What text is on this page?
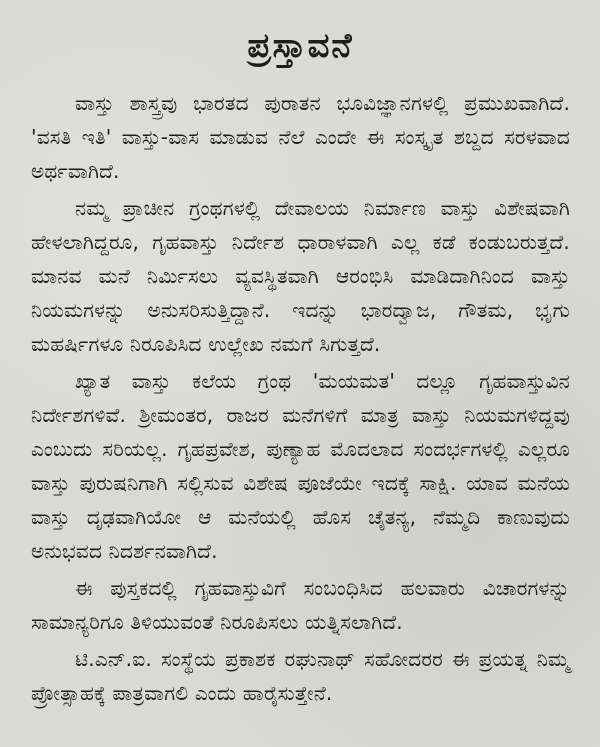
ಪ್ರಸ್ತಾವನೆ

ವಾಸ್ತು ಶಾಸ್ತ್ರವು ಭಾರತದ ಪುರಾತನ ಭೂವಿಜ್ಞಾನಗಳಲ್ಲಿ ಪ್ರಮುಖವಾಗಿದೆ. 'ವಸತಿ ಇತಿ' ವಾಸ್ತು-ವಾಸ ಮಾಡುವ ನೆಲೆ ಎಂದೇ ಈ ಸಂಸ್ಕೃತ ಶಬ್ದದ ಸರಳವಾದ ಅರ್ಥವಾಗಿದೆ.

ನಮ್ಮ ಪ್ರಾಚೀನ ಗ್ರಂಥಗಳಲ್ಲಿ ದೇವಾಲಯ ನಿರ್ಮಾಣ ವಾಸ್ತು ವಿಶೇಷವಾಗಿ ಹೇಳಲಾಗಿದ್ದರೂ, ಗೃಹವಾಸ್ತು ನಿರ್ದೇಶ ಧಾರಾಳವಾಗಿ ಎಲ್ಲ ಕಡೆ ಕಂಡುಬರುತ್ತದೆ. ಮಾನವ ಮನೆ ನಿರ್ಮಿಸಲು ವ್ಯವಸ್ಥಿತವಾಗಿ ಆರಂಭಿಸಿ ಮಾಡಿದಾಗಿನಿಂದ ವಾಸ್ತು ನಿಯಮಗಳನ್ನು ಅನುಸರಿಸುತ್ತಿದ್ದಾನೆ. ಇದನ್ನು ಭಾರದ್ವಾಜ, ಗೌತಮ, ಭೃಗು ಮಹರ್ಷಿಗಳೂ ನಿರೂಪಿಸಿದ ಉಲ್ಲೇಖ ನಮಗೆ ಸಿಗುತ್ತದೆ.

ಖ್ಯಾತ ವಾಸ್ತು ಕಲೆಯ ಗ್ರಂಥ 'ಮಯಮತ' ದಲ್ಲೂ ಗೃಹವಾಸ್ತುವಿನ ನಿರ್ದೇಶಗಳಿವೆ. ಶ್ರೀಮಂತರ, ರಾಜರ ಮನೆಗಳಿಗೆ ಮಾತ್ರ ವಾಸ್ತು ನಿಯಮಗಳಿದ್ದವು ಎಂಬುದು ಸರಿಯಲ್ಲ. ಗೃಹಪ್ರವೇಶ, ಪುಣ್ಯಾಹ ಮೊದಲಾದ ಸಂದರ್ಭಗಳಲ್ಲಿ ಎಲ್ಲರೂ ವಾಸ್ತು ಪುರುಷನಿಗಾಗಿ ಸಲ್ಲಿಸುವ ವಿಶೇಷ ಪೂಜೆಯೇ ಇದಕ್ಕೆ ಸಾಕ್ಷಿ. ಯಾವ ಮನೆಯ ವಾಸ್ತು ದೃಢವಾಗಿಯೋ ಆ ಮನೆಯಲ್ಲಿ ಹೊಸ ಚೈತನ್ಯ, ನೆಮ್ಮದಿ ಕಾಣುವುದು ಅನುಭವದ ನಿದರ್ಶನವಾಗಿದೆ.

ಈ ಪುಸ್ತಕದಲ್ಲಿ ಗೃಹವಾಸ್ತುವಿಗೆ ಸಂಬಂಧಿಸಿದ ಹಲವಾರು ವಿಚಾರಗಳನ್ನು ಸಾಮಾನ್ಯರಿಗೂ ತಿಳಿಯುವಂತೆ ನಿರೂಪಿಸಲು ಯತ್ನಿಸಲಾಗಿದೆ.

ಟಿ.ಎನ್.ಐ. ಸಂಸ್ಥೆಯ ಪ್ರಕಾಶಕ ರಘುನಾಥ್ ಸಹೋದರರ ಈ ಪ್ರಯತ್ನ ನಿಮ್ಮ ಪ್ರೋತ್ಸಾಹಕ್ಕೆ ಪಾತ್ರವಾಗಲಿ ಎಂದು ಹಾರೈಸುತ್ತೇನೆ.
